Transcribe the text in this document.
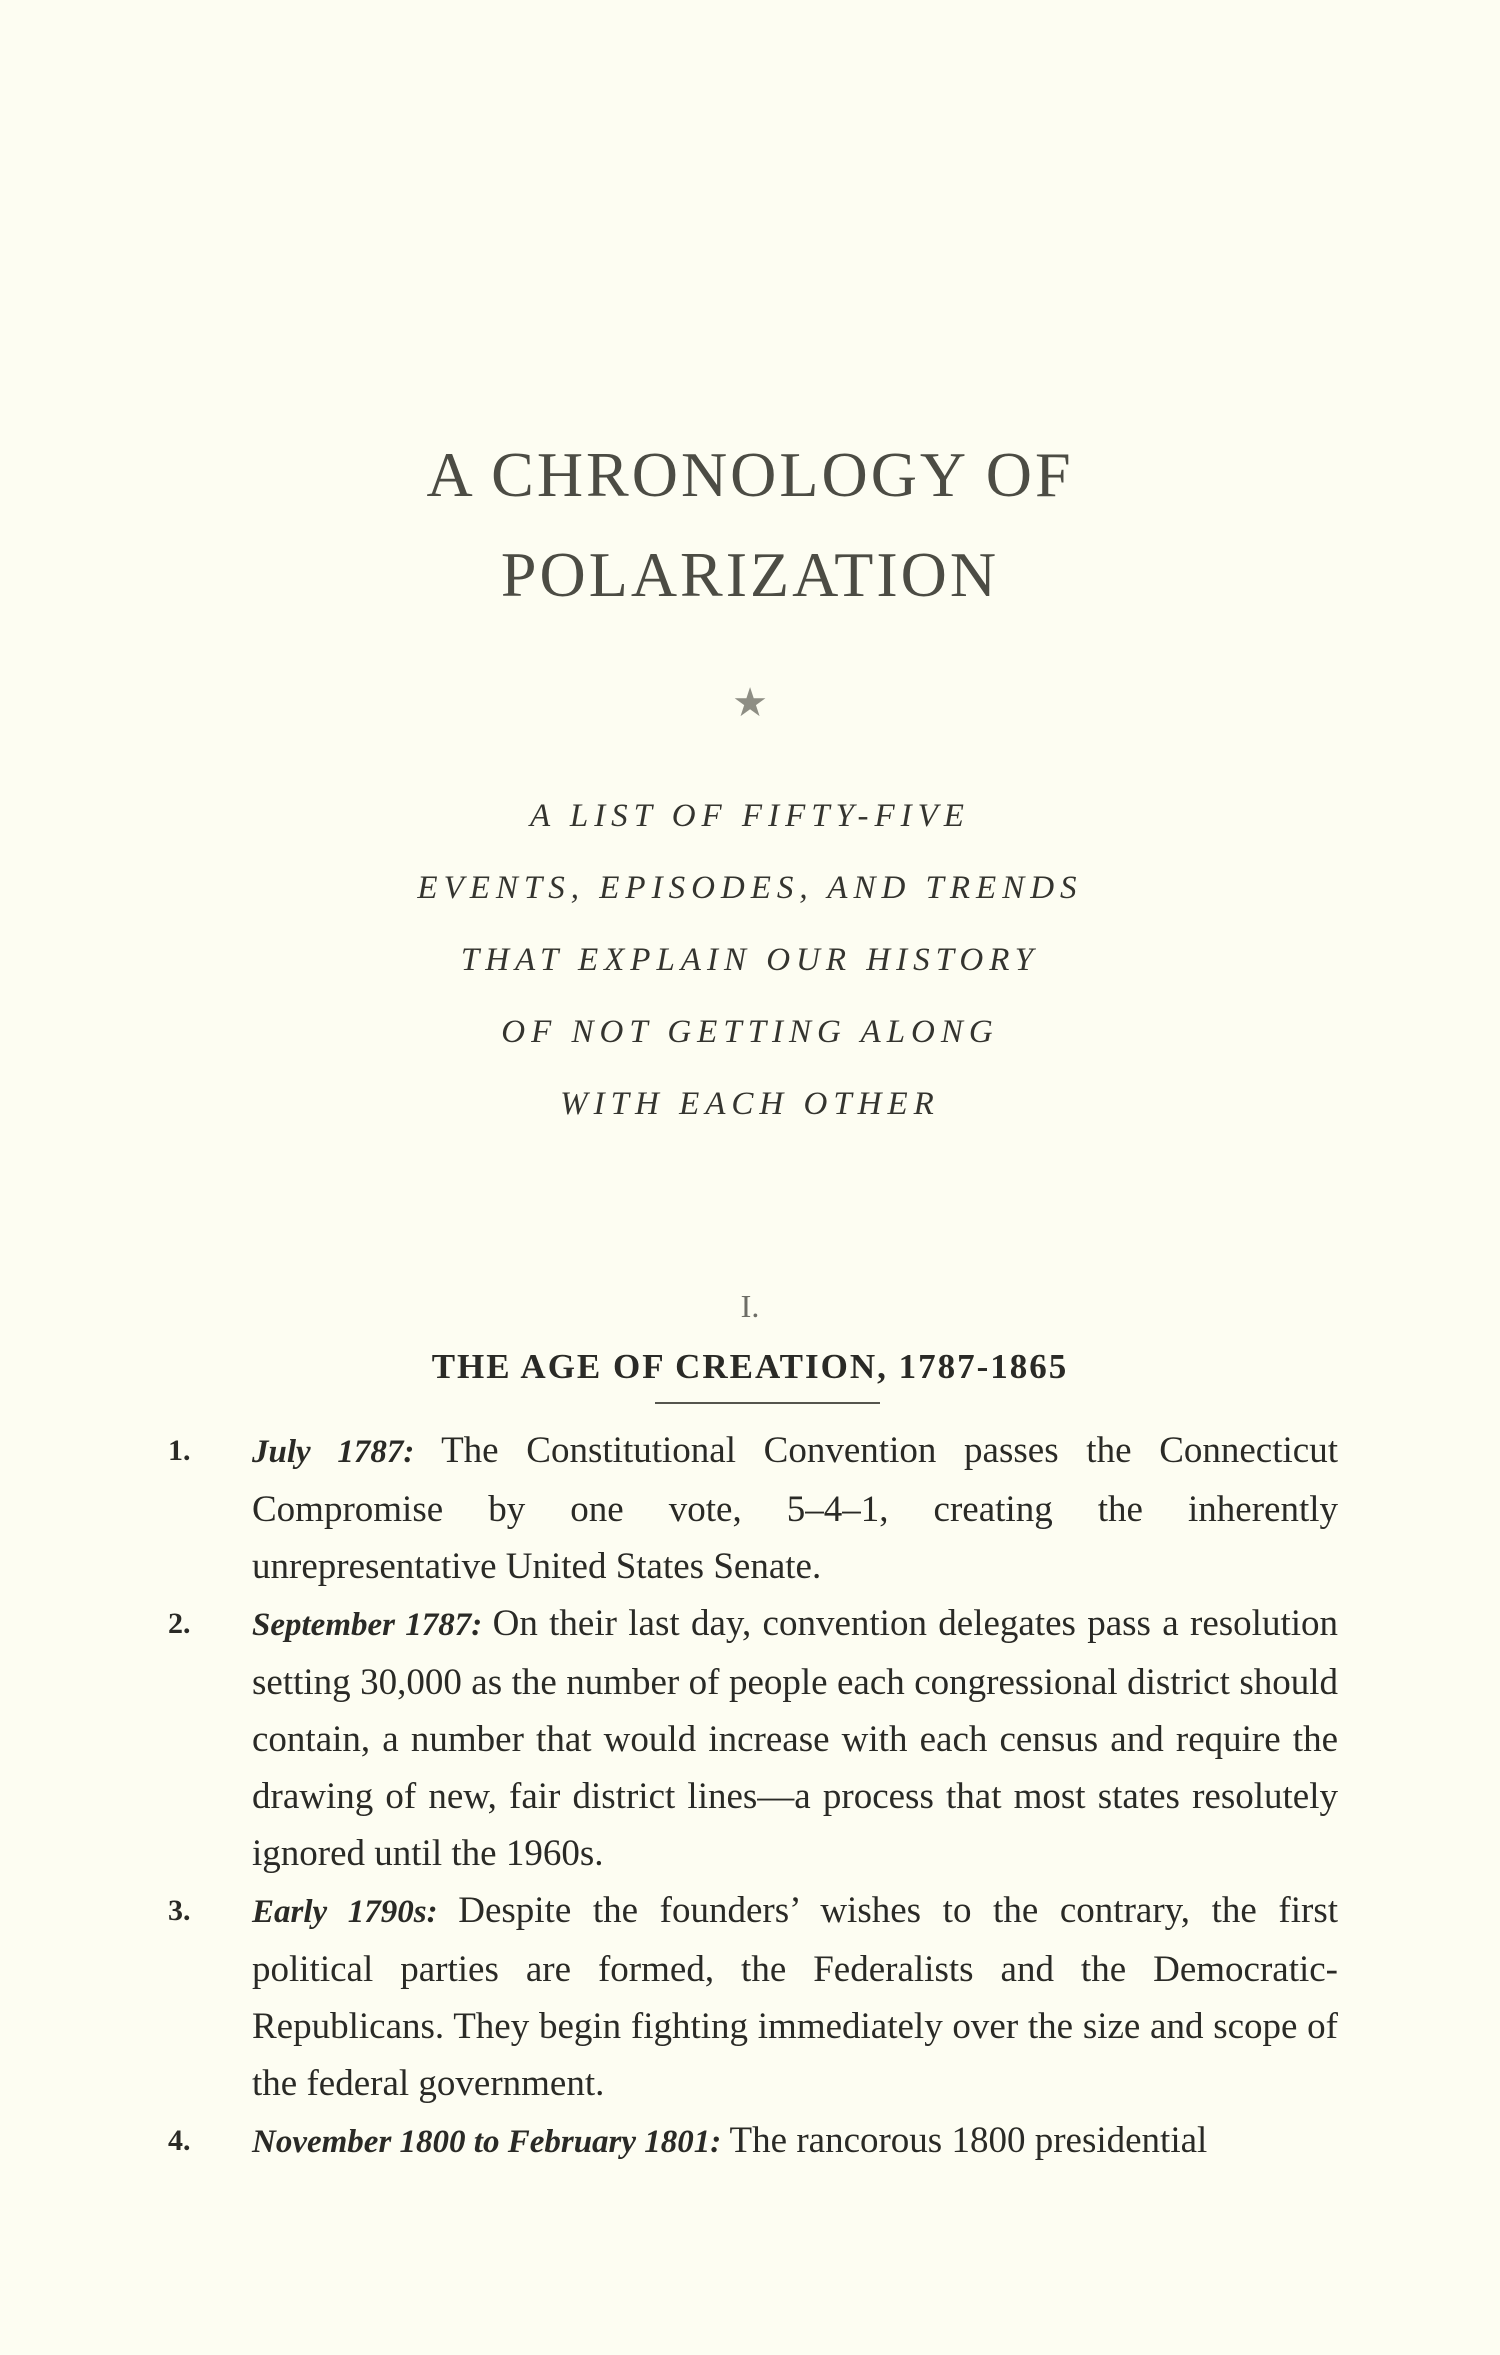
A CHRONOLOGY OF
POLARIZATION
★
A LIST OF FIFTY-FIVE
EVENTS, EPISODES, AND TRENDS
THAT EXPLAIN OUR HISTORY
OF NOT GETTING ALONG
WITH EACH OTHER
I.
THE AGE OF CREATION, 1787-1865
1. July 1787: The Constitutional Convention passes the Connecticut Compromise by one vote, 5–4–1, creating the inherently unrepresentative United States Senate.
2. September 1787: On their last day, convention delegates pass a resolution setting 30,000 as the number of people each congressional district should contain, a number that would increase with each census and require the drawing of new, fair district lines—a process that most states resolutely ignored until the 1960s.
3. Early 1790s: Despite the founders’ wishes to the contrary, the first political parties are formed, the Federalists and the Democratic-Republicans. They begin fighting immediately over the size and scope of the federal government.
4. November 1800 to February 1801: The rancorous 1800 presidential
